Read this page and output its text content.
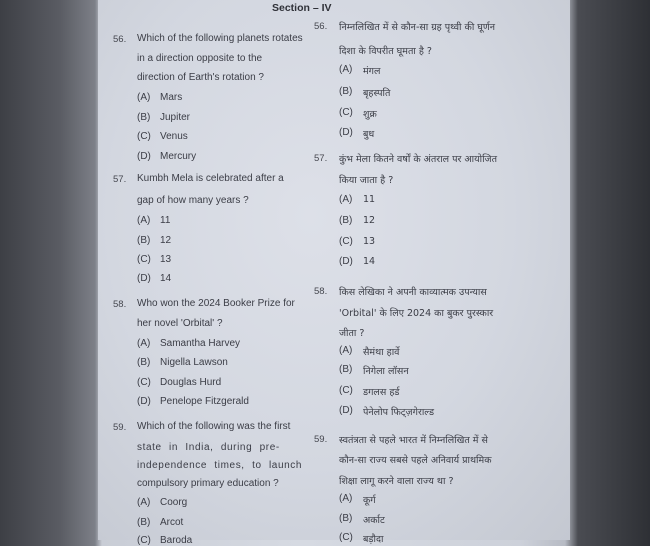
Section – IV
56. Which of the following planets rotates
in a direction opposite to the
direction of Earth's rotation ?
(A) Mars
(B) Jupiter
(C) Venus
(D) Mercury
57. Kumbh Mela is celebrated after a
gap of how many years ?
(A) 11
(B) 12
(C) 13
(D) 14
58. Who won the 2024 Booker Prize for
her novel 'Orbital' ?
(A) Samantha Harvey
(B) Nigella Lawson
(C) Douglas Hurd
(D) Penelope Fitzgerald
59. Which of the following was the first
state in India, during pre-
independence times, to launch
compulsory primary education ?
(A) Coorg
(B) Arcot
(C) Baroda
56. निम्नलिखित में से कौन-सा ग्रह पृथ्वी की घूर्णन
दिशा के विपरीत घूमता है ?
(A) मंगल
(B) बृहस्पति
(C) शुक्र
(D) बुध
57. कुंभ मेला कितने वर्षों के अंतराल पर आयोजित
किया जाता है ?
(A) 11
(B) 12
(C) 13
(D) 14
58. किस लेखिका ने अपनी काव्यात्मक उपन्यास
'Orbital' के लिए 2024 का बुकर पुरस्कार
जीता ?
(A) सैमंथा हार्वे
(B) निगेला लॉसन
(C) डगलस हर्ड
(D) पेनेलोप फिट्ज़गेराल्ड
59. स्वतंत्रता से पहले भारत में निम्नलिखित में से
कौन-सा राज्य सबसे पहले अनिवार्य प्राथमिक
शिक्षा लागू करने वाला राज्य था ?
(A) कूर्ग
(B) अर्काट
(C) बड़ौदा
